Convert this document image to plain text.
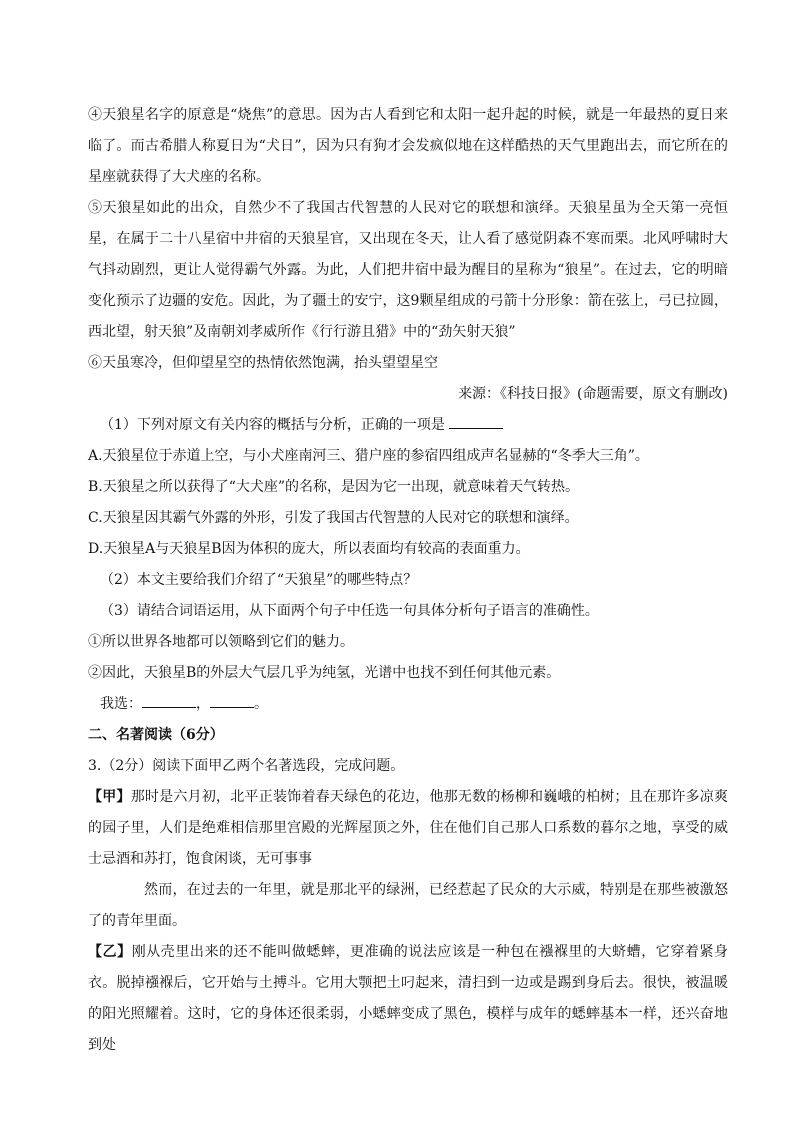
④天狼星名字的原意是“烧焦”的意思。因为古人看到它和太阳一起升起的时候，就是一年最热的夏日来临了。而古希腊人称夏日为“犬日”，因为只有狗才会发疯似地在这样酷热的天气里跑出去，而它所在的星座就获得了大犬座的名称。

⑤天狼星如此的出众，自然少不了我国古代智慧的人民对它的联想和演绎。天狼星虽为全天第一亮恒星，在属于二十八星宿中井宿的天狼星官，又出现在冬天，让人看了感觉阴森不寒而栗。北风呼啸时大气抖动剧烈，更让人觉得霸气外露。为此，人们把井宿中最为醒目的星称为“狼星”。在过去，它的明暗变化预示了边疆的安危。因此，为了疆土的安宁，这9颗星组成的弓箭十分形象：箭在弦上，弓已拉圆，西北望，射天狼”及南朝刘孝威所作《行行游且猎》中的“劲矢射天狼”

⑥天虽寒冷，但仰望星空的热情依然饱满，抬头望望星空

来源：《科技日报》(命题需要，原文有删改)

（1）下列对原文有关内容的概括与分析，正确的一项是

A.天狼星位于赤道上空，与小犬座南河三、猎户座的参宿四组成声名显赫的“冬季大三角”。

B.天狼星之所以获得了“大犬座”的名称，是因为它一出现，就意味着天气转热。

C.天狼星因其霸气外露的外形，引发了我国古代智慧的人民对它的联想和演绎。

D.天狼星A与天狼星B因为体积的庞大，所以表面均有较高的表面重力。

（2）本文主要给我们介绍了“天狼星”的哪些特点？

（3）请结合词语运用，从下面两个句子中任选一句具体分析句子语言的准确性。

①所以世界各地都可以领略到它们的魅力。

②因此，天狼星B的外层大气层几乎为纯氢，光谱中也找不到任何其他元素。

我选：	，	。

二、名著阅读（6分）

3.（2分）阅读下面甲乙两个名著选段，完成问题。

【甲】那时是六月初，北平正装饰着春天绿色的花边，他那无数的杨柳和巍峨的柏树；且在那许多凉爽的园子里，人们是绝难相信那里宫殿的光辉屋顶之外，住在他们自己那人口系数的暮尔之地，享受的威士忌酒和苏打，饱食闲谈，无可事事

然而，在过去的一年里，就是那北平的绿洲，已经惹起了民众的大示威，特别是在那些被激怒了的青年里面。

【乙】刚从壳里出来的还不能叫做蟋蟀，更准确的说法应该是一种包在襁褓里的大蛴螬，它穿着紧身衣。脱掉襁褓后，它开始与土搏斗。它用大颚把土叼起来，清扫到一边或是踢到身后去。很快，被温暖的阳光照耀着。这时，它的身体还很柔弱，小蟋蟀变成了黑色，模样与成年的蟋蟀基本一样，还兴奋地到处
